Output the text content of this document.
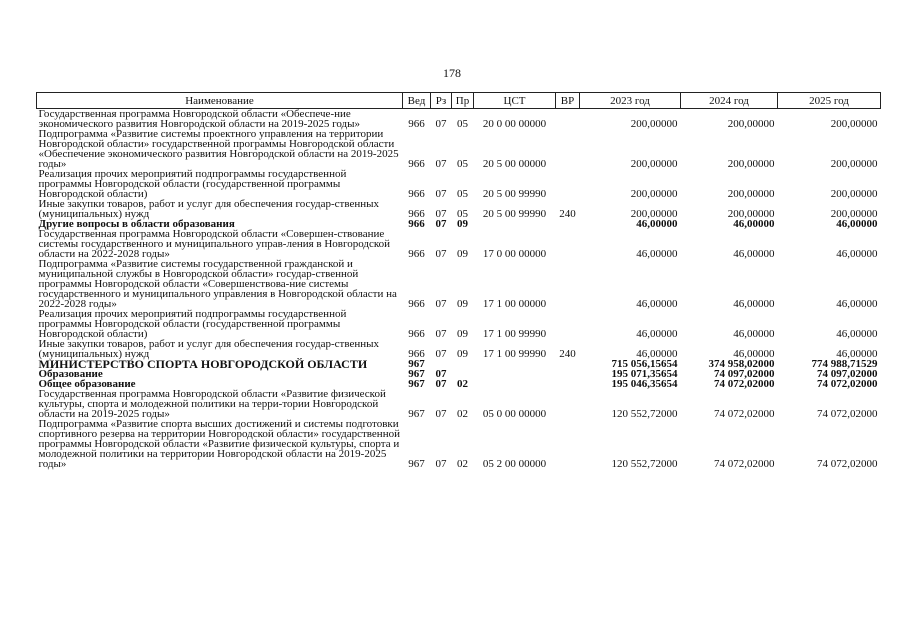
178
Наименование	Вед	Рз	Пр	ЦСТ	ВР	2023 год	2024 год	2025 год
Государственная программа Новгородской области «Обеспече-ние экономического развития Новгородской области на 2019-2025 годы»	966	07	05	20 0 00 00000		200,00000	200,00000	200,00000
Подпрограмма «Развитие системы проектного управления на территории Новгородской области» государственной программы Новгородской области «Обеспечение экономического развития Новгородской области на 2019-2025 годы»	966	07	05	20 5 00 00000		200,00000	200,00000	200,00000
Реализация прочих мероприятий подпрограммы государственной программы Новгородской области (государственной программы Новгородской области)	966	07	05	20 5 00 99990		200,00000	200,00000	200,00000
Иные закупки товаров, работ и услуг для обеспечения государ-ственных (муниципальных) нужд	966	07	05	20 5 00 99990	240	200,00000	200,00000	200,00000
Другие вопросы в области образования	966	07	09			46,00000	46,00000	46,00000
Государственная программа Новгородской области «Совершен-ствование системы государственного и муниципального управ-ления в Новгородской области на 2022-2028 годы»	966	07	09	17 0 00 00000		46,00000	46,00000	46,00000
Подпрограмма «Развитие системы государственной гражданской и муниципальной службы в Новгородской области» государ-ственной программы Новгородской области «Совершенствова-ние системы государственного и муниципального управления в Новгородской области на 2022-2028 годы»	966	07	09	17 1 00 00000		46,00000	46,00000	46,00000
Реализация прочих мероприятий подпрограммы государственной программы Новгородской области (государственной программы Новгородской области)	966	07	09	17 1 00 99990		46,00000	46,00000	46,00000
Иные закупки товаров, работ и услуг для обеспечения государ-ственных (муниципальных) нужд	966	07	09	17 1 00 99990	240	46,00000	46,00000	46,00000
МИНИСТЕРСТВО СПОРТА НОВГОРОДСКОЙ ОБЛАСТИ	967					715 056,15654	374 958,02000	774 988,71529
Образование	967	07				195 071,35654	74 097,02000	74 097,02000
Общее образование	967	07	02			195 046,35654	74 072,02000	74 072,02000
Государственная программа Новгородской области «Развитие физической культуры, спорта и молодежной политики на терри-тории Новгородской области на 2019-2025 годы»	967	07	02	05 0 00 00000		120 552,72000	74 072,02000	74 072,02000
Подпрограмма «Развитие спорта высших достижений и системы подготовки спортивного резерва на территории Новгородской области» государственной программы Новгородской области «Развитие физической культуры, спорта и молодежной политики на территории Новгородской области на 2019-2025 годы»	967	07	02	05 2 00 00000		120 552,72000	74 072,02000	74 072,02000
